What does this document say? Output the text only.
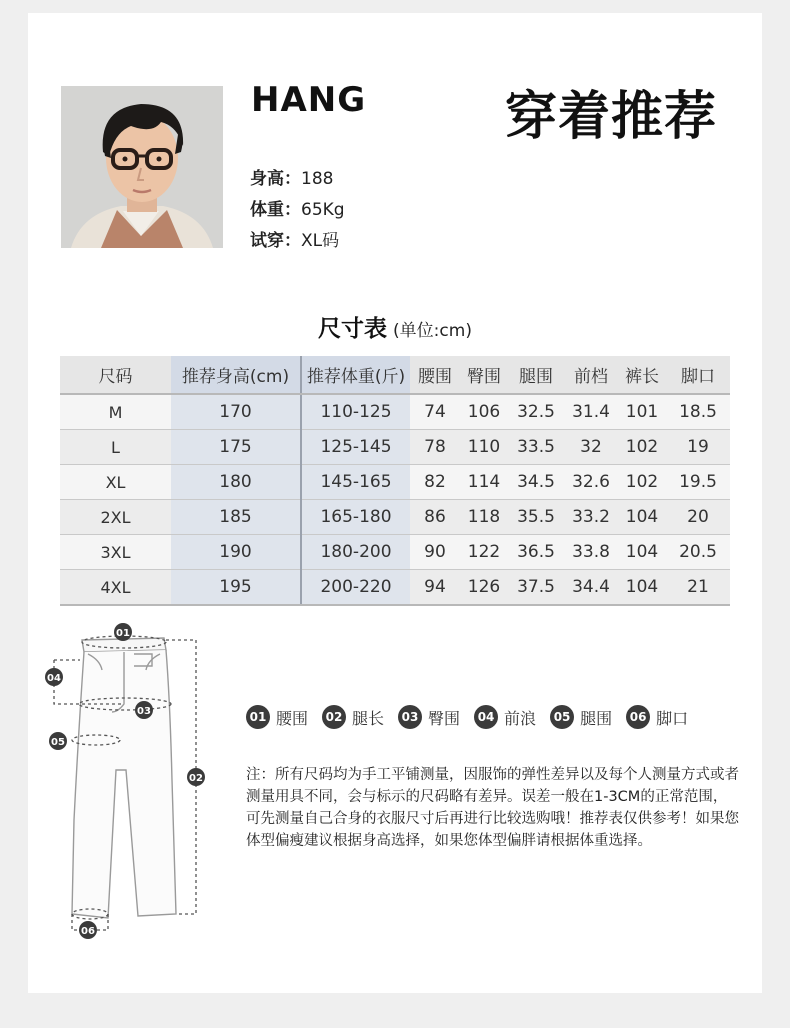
HANG	穿着推荐
身高：188
体重：65Kg
试穿：XL码
尺寸表 (单位:cm)
尺码	推荐身高(cm)	推荐体重(斤)	腰围	臀围	腿围	前档	裤长	脚口
M	170	110-125	74	106	32.5	31.4	101	18.5
L	175	125-145	78	110	33.5	32	102	19
XL	180	145-165	82	114	34.5	32.6	102	19.5
2XL	185	165-180	86	118	35.5	33.2	104	20
3XL	190	180-200	90	122	36.5	33.8	104	20.5
4XL	195	200-220	94	126	37.5	34.4	104	21
01
04
03
05
02
06
01 腰围	02 腿长	03 臀围	04 前浪	05 腿围	06 脚口
注：所有尺码均为手工平铺测量，因服饰的弹性差异以及每个人测量方式或者测量用具不同，会与标示的尺码略有差异。误差一般在1-3CM的正常范围，可先测量自己合身的衣服尺寸后再进行比较选购哦！推荐表仅供参考！如果您体型偏瘦建议根据身高选择，如果您体型偏胖请根据体重选择。
